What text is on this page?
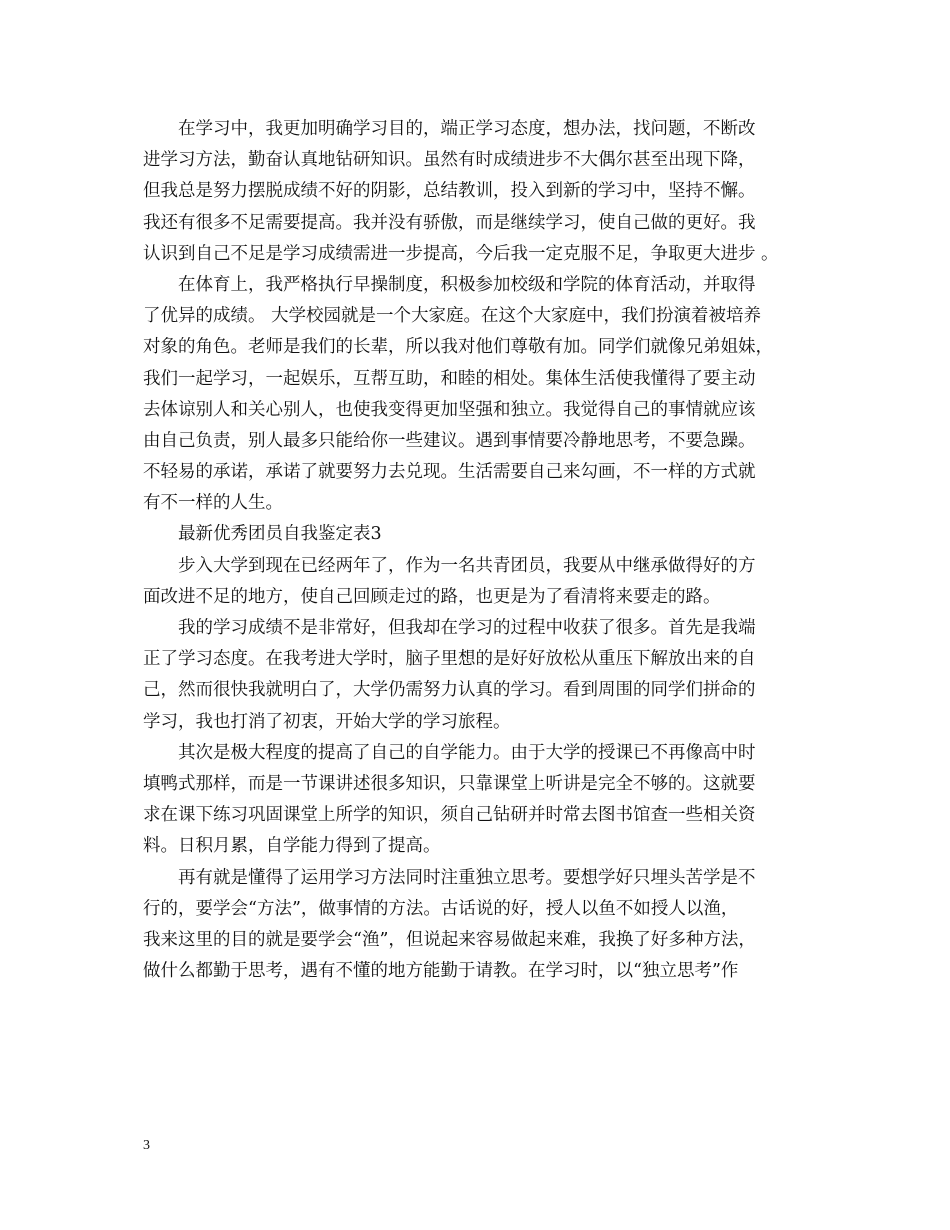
在学习中，我更加明确学习目的，端正学习态度，想办法，找问题，不断改
进学习方法，勤奋认真地钻研知识。虽然有时成绩进步不大偶尔甚至出现下降，
但我总是努力摆脱成绩不好的阴影，总结教训，投入到新的学习中，坚持不懈。
我还有很多不足需要提高。我并没有骄傲，而是继续学习，使自己做的更好。我
认识到自己不足是学习成绩需进一步提高，今后我一定克服不足，争取更大进步 。
在体育上，我严格执行早操制度，积极参加校级和学院的体育活动，并取得
了优异的成绩。 大学校园就是一个大家庭。在这个大家庭中，我们扮演着被培养
对象的角色。老师是我们的长辈，所以我对他们尊敬有加。同学们就像兄弟姐妹，
我们一起学习，一起娱乐，互帮互助，和睦的相处。集体生活使我懂得了要主动
去体谅别人和关心别人，也使我变得更加坚强和独立。我觉得自己的事情就应该
由自己负责，别人最多只能给你一些建议。遇到事情要冷静地思考，不要急躁。
不轻易的承诺，承诺了就要努力去兑现。生活需要自己来勾画，不一样的方式就
有不一样的人生。
最新优秀团员自我鉴定表3
步入大学到现在已经两年了，作为一名共青团员，我要从中继承做得好的方
面改进不足的地方，使自己回顾走过的路，也更是为了看清将来要走的路。
我的学习成绩不是非常好，但我却在学习的过程中收获了很多。首先是我端
正了学习态度。在我考进大学时，脑子里想的是好好放松从重压下解放出来的自
己，然而很快我就明白了，大学仍需努力认真的学习。看到周围的同学们拼命的
学习，我也打消了初衷，开始大学的学习旅程。
其次是极大程度的提高了自己的自学能力。由于大学的授课已不再像高中时
填鸭式那样，而是一节课讲述很多知识，只靠课堂上听讲是完全不够的。这就要
求在课下练习巩固课堂上所学的知识，须自己钻研并时常去图书馆查一些相关资
料。日积月累，自学能力得到了提高。
再有就是懂得了运用学习方法同时注重独立思考。要想学好只埋头苦学是不
行的，要学会“方法”，做事情的方法。古话说的好，授人以鱼不如授人以渔，
我来这里的目的就是要学会“渔”，但说起来容易做起来难，我换了好多种方法，
做什么都勤于思考，遇有不懂的地方能勤于请教。在学习时，以“独立思考”作
3
